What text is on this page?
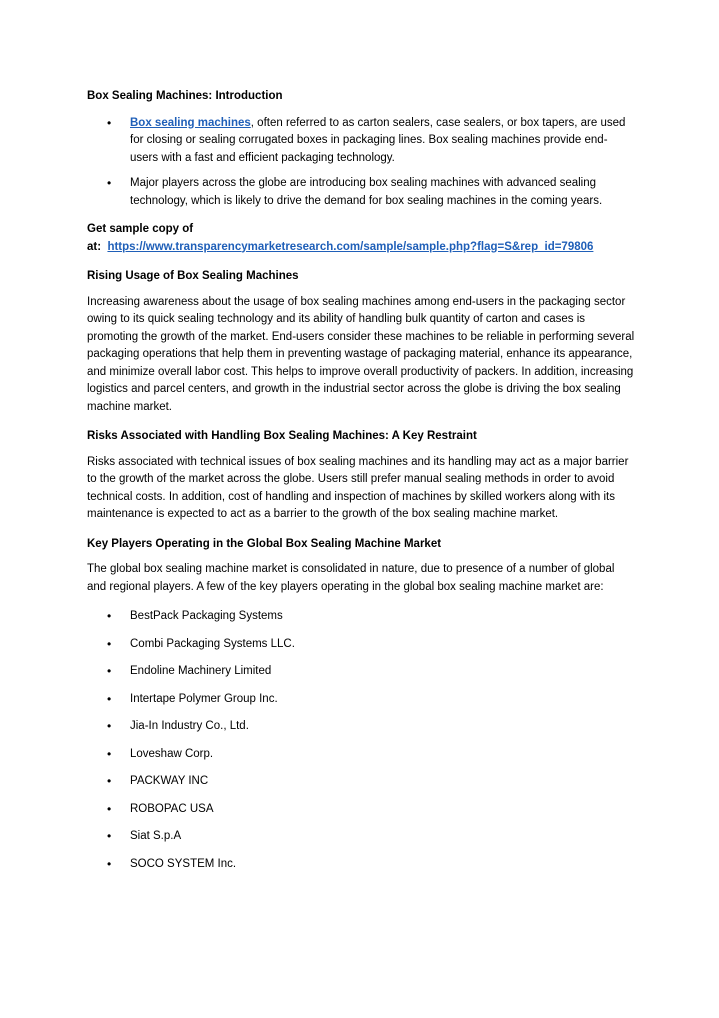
Box Sealing Machines: Introduction
• Box sealing machines, often referred to as carton sealers, case sealers, or box tapers, are used for closing or sealing corrugated boxes in packaging lines. Box sealing machines provide end-users with a fast and efficient packaging technology.
• Major players across the globe are introducing box sealing machines with advanced sealing technology, which is likely to drive the demand for box sealing machines in the coming years.
Get sample copy of
at: https://www.transparencymarketresearch.com/sample/sample.php?flag=S&rep_id=79806
Rising Usage of Box Sealing Machines

Increasing awareness about the usage of box sealing machines among end-users in the packaging sector owing to its quick sealing technology and its ability of handling bulk quantity of carton and cases is promoting the growth of the market. End-users consider these machines to be reliable in performing several packaging operations that help them in preventing wastage of packaging material, enhance its appearance, and minimize overall labor cost. This helps to improve overall productivity of packers. In addition, increasing logistics and parcel centers, and growth in the industrial sector across the globe is driving the box sealing machine market.

Risks Associated with Handling Box Sealing Machines: A Key Restraint

Risks associated with technical issues of box sealing machines and its handling may act as a major barrier to the growth of the market across the globe. Users still prefer manual sealing methods in order to avoid technical costs. In addition, cost of handling and inspection of machines by skilled workers along with its maintenance is expected to act as a barrier to the growth of the box sealing machine market.

Key Players Operating in the Global Box Sealing Machine Market

The global box sealing machine market is consolidated in nature, due to presence of a number of global and regional players. A few of the key players operating in the global box sealing machine market are:

• BestPack Packaging Systems
• Combi Packaging Systems LLC.
• Endoline Machinery Limited
• Intertape Polymer Group Inc.
• Jia-In Industry Co., Ltd.
• Loveshaw Corp.
• PACKWAY INC
• ROBOPAC USA
• Siat S.p.A
• SOCO SYSTEM Inc.
